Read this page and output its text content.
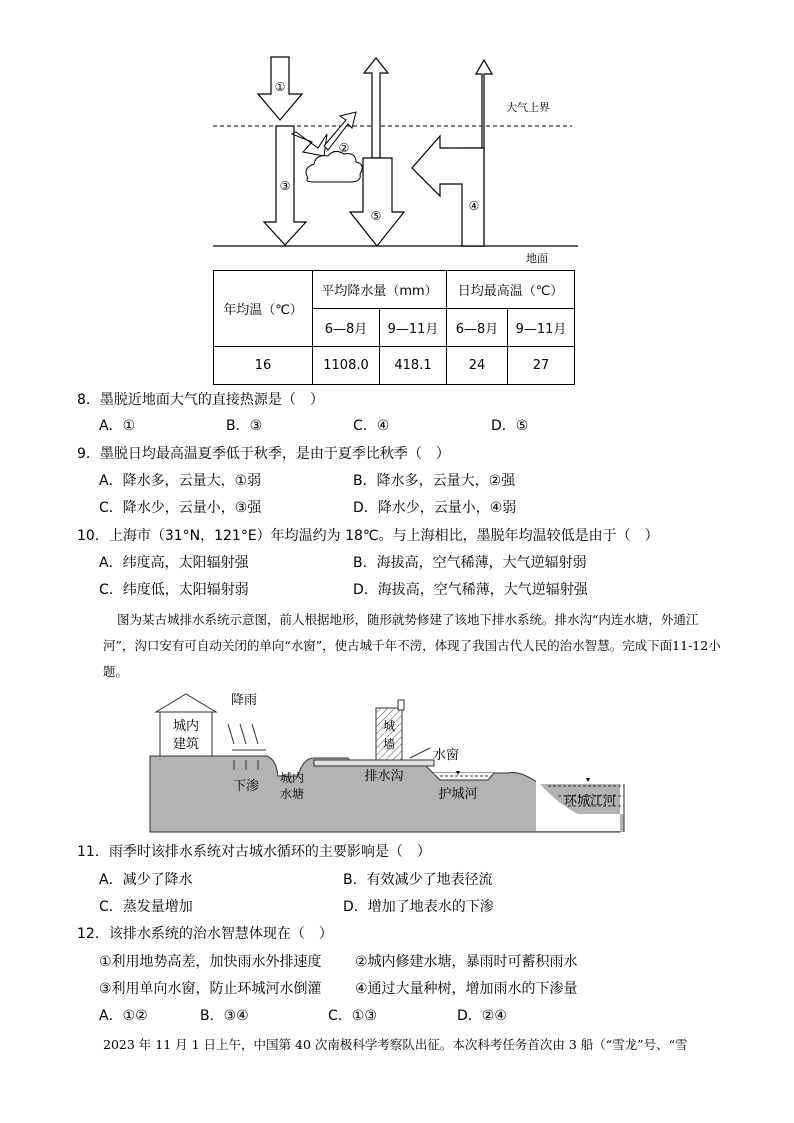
①
③
②
⑤
④
大气上界
地面
年均温（℃）	平均降水量（mm）		日均最高温（℃）	
	6—8月	9—11月	6—8月	9—11月
16	1108.0	418.1	24	27
8．墨脱近地面大气的直接热源是（　）
A．①	B．③	C．④	D．⑤
9．墨脱日均最高温夏季低于秋季，是由于夏季比秋季（　）
A．降水多，云量大，①弱	B．降水多，云量大，②强
C．降水少，云量小，③强	D．降水少，云量小，④弱
10．上海市（31°N，121°E）年均温约为 18℃。与上海相比，墨脱年均温较低是由于（　）
A．纬度高，太阳辐射强	B．海拔高，空气稀薄，大气逆辐射弱
C．纬度低，太阳辐射弱	D．海拔高，空气稀薄，大气逆辐射强
图为某古城排水系统示意图，前人根据地形，随形就势修建了该地下排水系统。排水沟“内连水塘，外通江河”，沟口安有可自动关闭的单向“水窗”，使古城千年不涝，体现了我国古代人民的治水智慧。完成下面11-12小题。
城内
建筑
降雨
下渗
城内
水塘
排水沟
城
墙
水窗
护城河	环城江河
11．雨季时该排水系统对古城水循环的主要影响是（　）
A．减少了降水	B．有效减少了地表径流
C．蒸发量增加	D．增加了地表水的下渗
12．该排水系统的治水智慧体现在（　）
①利用地势高差，加快雨水外排速度 ②城内修建水塘，暴雨时可蓄积雨水
③利用单向水窗，防止环城河水倒灌 ④通过大量种树，增加雨水的下渗量
A．①②	B．③④	C．①③	D．②④
2023 年 11 月 1 日上午，中国第 40 次南极科学考察队出征。本次科考任务首次由 3 船（“雪龙”号、“雪
